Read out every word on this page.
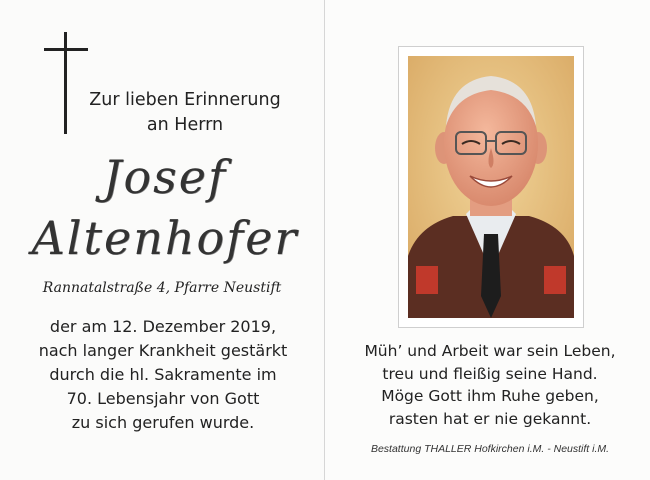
Zur lieben Erinnerung
an Herrn
Josef
Altenhofer
Rannatalstraße 4, Pfarre Neustift
der am 12. Dezember 2019,
nach langer Krankheit gestärkt
durch die hl. Sakramente im
70. Lebensjahr von Gott
zu sich gerufen wurde.
Müh’ und Arbeit war sein Leben,
treu und fleißig seine Hand.
Möge Gott ihm Ruhe geben,
rasten hat er nie gekannt.
Bestattung THALLER Hofkirchen i.M. - Neustift i.M.
